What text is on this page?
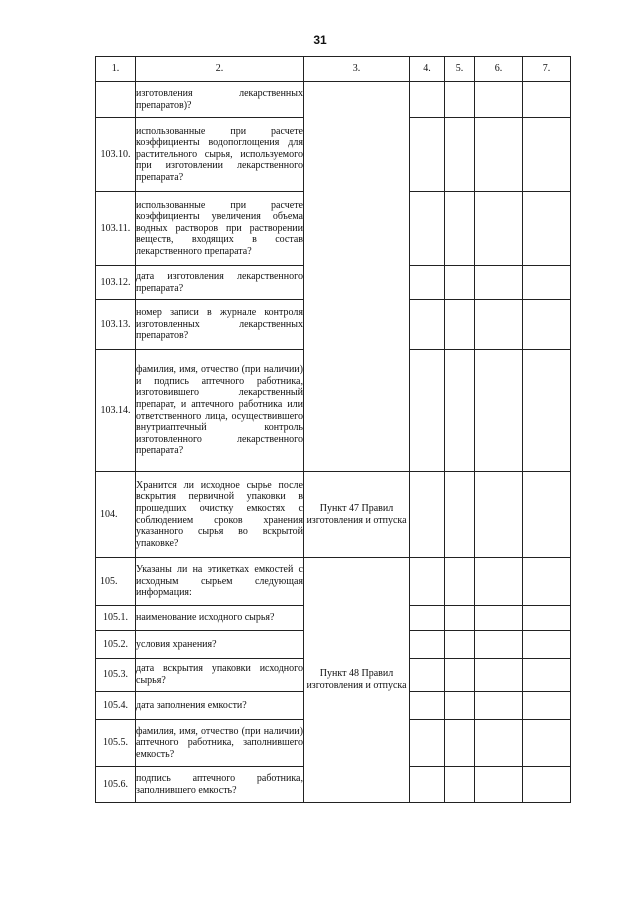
31
1.	2.	3.	4.	5.	6.	7.
	изготовления лекарственных препаратов)?					
103.10.	использованные при расчете коэффициенты водопоглощения для растительного сырья, используемого при изготовлении лекарственного препарата?					
103.11.	использованные при расчете коэффициенты увеличения объема водных растворов при растворении веществ, входящих в состав лекарственного препарата?					
103.12.	дата изготовления лекарственного препарата?					
103.13.	номер записи в журнале контроля изготовленных лекарственных препаратов?					
103.14.	фамилия, имя, отчество (при наличии) и подпись аптечного работника, изготовившего лекарственный препарат, и аптечного работника или ответственного лица, осуществившего внутриаптечный контроль изготовленного лекарственного препарата?					
104.	Хранится ли исходное сырье после вскрытия первичной упаковки в прошедших очистку емкостях с соблюдением сроков хранения указанного сырья во вскрытой упаковке?	Пункт 47 Правил изготовления и отпуска				
105.	Указаны ли на этикетках емкостей с исходным сырьем следующая информация:	Пункт 48 Правил изготовления и отпуска				
105.1.	наименование исходного сырья?					
105.2.	условия хранения?					
105.3.	дата вскрытия упаковки исходного сырья?					
105.4.	дата заполнения емкости?					
105.5.	фамилия, имя, отчество (при наличии) аптечного работника, заполнившего емкость?					
105.6.	подпись аптечного работника, заполнившего емкость?					
